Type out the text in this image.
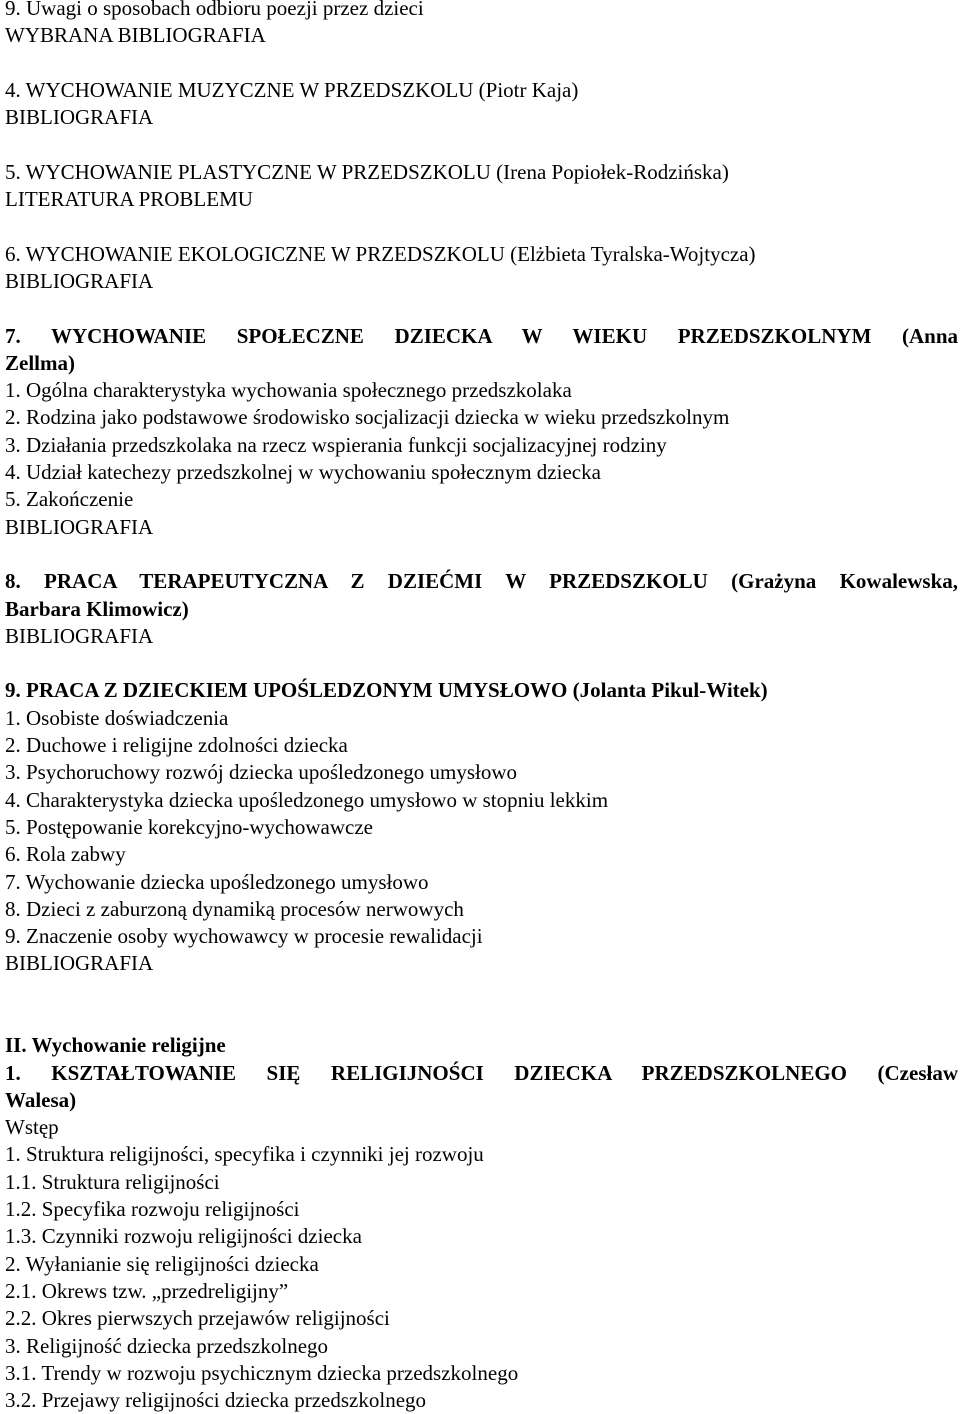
9. Uwagi o sposobach odbioru poezji przez dzieci
WYBRANA BIBLIOGRAFIA
4. WYCHOWANIE MUZYCZNE W PRZEDSZKOLU (Piotr Kaja)
BIBLIOGRAFIA
5. WYCHOWANIE PLASTYCZNE W PRZEDSZKOLU (Irena Popiołek-Rodzińska)
LITERATURA PROBLEMU
6. WYCHOWANIE EKOLOGICZNE W PRZEDSZKOLU (Elżbieta Tyralska-Wojtycza)
BIBLIOGRAFIA
7. WYCHOWANIE SPOŁECZNE DZIECKA W WIEKU PRZEDSZKOLNYM (Anna
Zellma)
1. Ogólna charakterystyka wychowania społecznego przedszkolaka
2. Rodzina jako podstawowe środowisko socjalizacji dziecka w wieku przedszkolnym
3. Działania przedszkolaka na rzecz wspierania funkcji socjalizacyjnej rodziny
4. Udział katechezy przedszkolnej w wychowaniu społecznym dziecka
5. Zakończenie
BIBLIOGRAFIA
8. PRACA TERAPEUTYCZNA Z DZIEĆMI W PRZEDSZKOLU (Grażyna Kowalewska,
Barbara Klimowicz)
BIBLIOGRAFIA
9. PRACA Z DZIECKIEM UPOŚLEDZONYM UMYSŁOWO (Jolanta Pikul-Witek)
1. Osobiste doświadczenia
2. Duchowe i religijne zdolności dziecka
3. Psychoruchowy rozwój dziecka upośledzonego umysłowo
4. Charakterystyka dziecka upośledzonego umysłowo w stopniu lekkim
5. Postępowanie korekcyjno-wychowawcze
6. Rola zabwy
7. Wychowanie dziecka upośledzonego umysłowo
8. Dzieci z zaburzoną dynamiką procesów nerwowych
9. Znaczenie osoby wychowawcy w procesie rewalidacji
BIBLIOGRAFIA
II. Wychowanie religijne
1. KSZTAŁTOWANIE SIĘ RELIGIJNOŚCI DZIECKA PRZEDSZKOLNEGO (Czesław
Walesa)
Wstęp
1. Struktura religijności, specyfika i czynniki jej rozwoju
1.1. Struktura religijności
1.2. Specyfika rozwoju religijności
1.3. Czynniki rozwoju religijności dziecka
2. Wyłanianie się religijności dziecka
2.1. Okrews tzw. „przedreligijny”
2.2. Okres pierwszych przejawów religijności
3. Religijność dziecka przedszkolnego
3.1. Trendy w rozwoju psychicznym dziecka przedszkolnego
3.2. Przejawy religijności dziecka przedszkolnego
